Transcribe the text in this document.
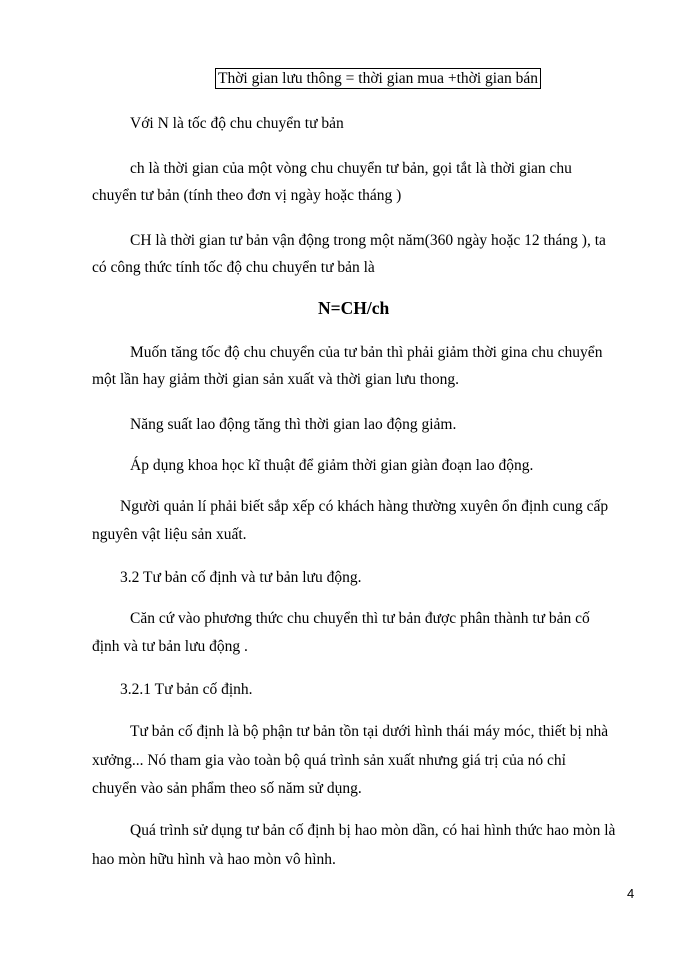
Thời gian lưu thông = thời gian mua +thời gian bán
Với N là tốc độ chu chuyển tư bản
ch là thời gian của một vòng chu chuyển tư bản, gọi tắt là thời gian chu
chuyển tư bản (tính theo đơn vị ngày hoặc tháng )
CH là thời gian tư bản vận động trong một năm(360 ngày hoặc 12 tháng ), ta
có công thức tính tốc độ chu chuyển tư bản là
N=CH/ch
Muốn tăng tốc độ chu chuyển của tư bản thì phải giảm thời gina chu chuyển
một lần hay giảm thời gian sản xuất và thời gian lưu thong.
Năng suất lao động tăng thì thời gian lao động giảm.
Áp dụng khoa học kĩ thuật để giảm thời gian giàn đoạn lao động.
Người quản lí phải biết sắp xếp có khách hàng thường xuyên ổn định cung cấp
nguyên vật liệu sản xuất.
3.2 Tư bản cố định và tư bản lưu động.
Căn cứ vào phương thức chu chuyển thì tư bản được phân thành tư bản cố
định và tư bản lưu động .
3.2.1 Tư bản cố định.
Tư bản cố định là bộ phận tư bản tồn tại dưới hình thái máy móc, thiết bị nhà
xưởng... Nó tham gia vào toàn bộ quá trình sản xuất nhưng giá trị của nó chỉ
chuyển vào sản phẩm theo số năm sử dụng.
Quá trình sử dụng tư bản cố định bị hao mòn dần, có hai hình thức hao mòn là
hao mòn hữu hình và hao mòn vô hình.
4
